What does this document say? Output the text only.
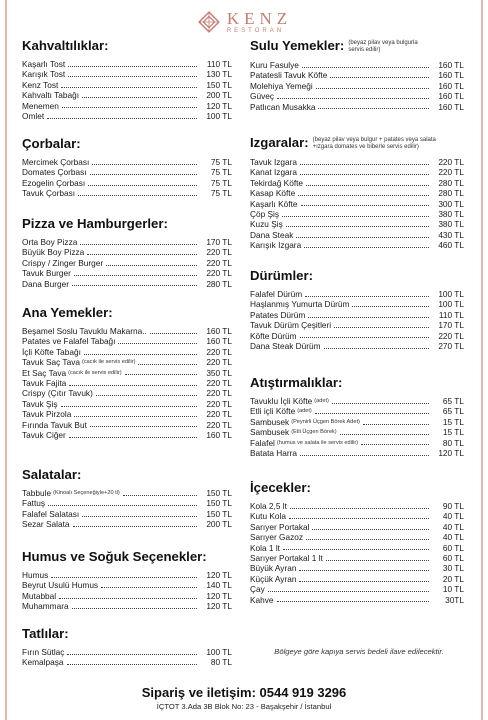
KENZ
RESTORAN
Kahvaltılıklar:
Kaşarlı Tost	110 TL
Karışık Tost	130 TL
Kenz Tost	150 TL
Kahvaltı Tabağı	200 TL
Menemen	120 TL
Omlet	100 TL
Çorbalar:
Mercimek Çorbası	75 TL
Domates Çorbası	75 TL
Ezogelin Çorbası	75 TL
Tavuk Çorbası	75 TL
Pizza ve Hamburgerler:
Orta Boy Pizza	170 TL
Büyük Boy Pizza	220 TL
Crispy / Zinger Burger	220 TL
Tavuk Burger	220 TL
Dana Burger	280 TL
Ana Yemekler:
Beşamel Soslu Tavuklu Makarna..	160 TL
Patates ve Falafel Tabağı	160 TL
İçli Köfte Tabağı	220 TL
Tavuk Saç Tava (cacık ile servis edilir)	220 TL
Et Saç Tava (cacık ile servis edilir)	350 TL
Tavuk Fajita	220 TL
Crispy (Çıtır Tavuk)	220 TL
Tavuk Şiş	220 TL
Tavuk Pirzola	220 TL
Fırında Tavuk But	220 TL
Tavuk Ciğer	160 TL
Salatalar:
Tabbule (Kinoalı Seçeneğiyle+20 tl)	150 TL
Fattuş	150 TL
Falafel Salatası	150 TL
Sezar Salata	200 TL
Humus ve Soğuk Seçenekler:
Humus	120 TL
Beyrut Usulü Humus	140 TL
Mutabbal	120 TL
Muhammara	120 TL
Tatlılar:
Fırın Sütlaç	100 TL
Kemalpaşa	80 TL
Sulu Yemekler: (beyaz pilav veya bulgurla servis edilir)
Kuru Fasulye	160 TL
Patatesli Tavuk Köfte	160 TL
Molehiya Yemeği	160 TL
Güveç	160 TL
Patlıcan Musakka	160 TL
Izgaralar: (beyaz pilav veya bulgur + patates veya salata +ızgara domates ve biberle servis edilir)
Tavuk Izgara	220 TL
Kanat Izgara	220 TL
Tekirdağ Köfte	280 TL
Kasap Köfte	280 TL
Kaşarlı Köfte	300 TL
Çöp Şiş	380 TL
Kuzu Şiş	380 TL
Dana Steak	430 TL
Karışık Izgara	460 TL
Dürümler:
Falafel Dürüm	100 TL
Haşlanmış Yumurta Dürüm	100 TL
Patates Dürüm	110 TL
Tavuk Dürüm Çeşitleri	170 TL
Köfte Dürüm	220 TL
Dana Steak Dürüm	270 TL
Atıştırmalıklar:
Tavuklu İçli Köfte (adet)	65 TL
Etli içli Köfte (adet)	65 TL
Sambusek (Peynirli Üçgen Börek Adet)	15 TL
Sambusek (Etli Üçgen Börek)	15 TL
Falafel (humus ve salata ile servis edilir)	80 TL
Batata Harra	120 TL
İçecekler:
Kola 2,5 lt	90 TL
Kutu Kola	40 TL
Sarıyer Portakal	40 TL
Sarıyer Gazoz	40 TL
Kola 1 lt	60 TL
Sarıyer Portakal 1 lt	60 TL
Büyük Ayran	30 TL
Küçük Ayran	20 TL
Çay	10 TL
Kahve	30TL
Bölgeye göre kapıya servis bedeli ilave edilecektir.
Sipariş ve iletişim: 0544 919 3296
İÇTOT 3.Ada 3B Blok No: 23 - Başakşehir / İstanbul
